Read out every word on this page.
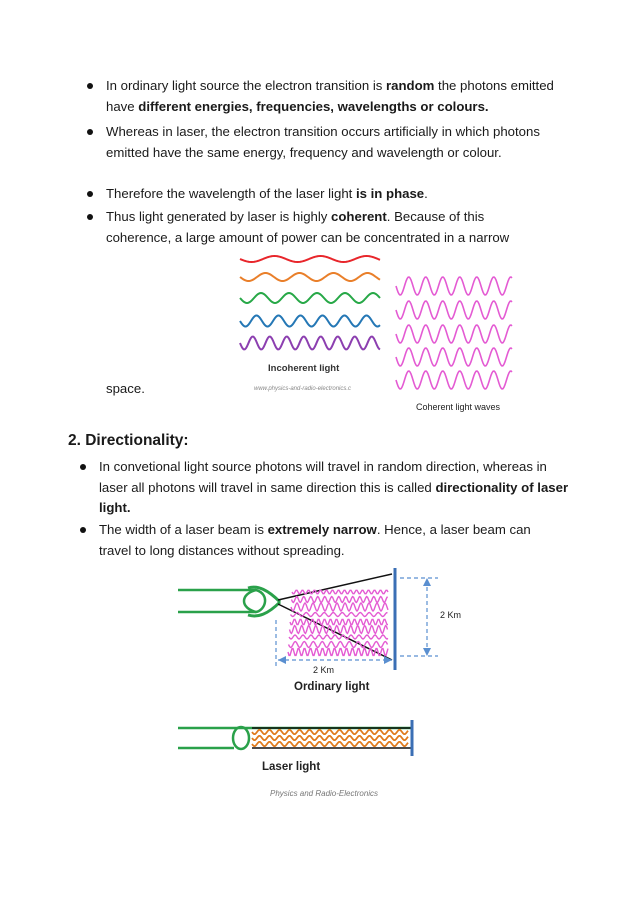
In ordinary light source the electron transition is random the photons emitted have different energies, frequencies, wavelengths or colours.
Whereas in laser, the electron transition occurs artificially in which photons emitted have the same energy, frequency and wavelength or colour.
Therefore the wavelength of the laser light is in phase.
Thus light generated by laser is highly coherent. Because of this coherence, a large amount of power can be concentrated in a narrow
Incoherent light
www.physics-and-radio-electronics.c
Coherent light waves
space.
2. Directionality:
In convetional light source photons will travel in random direction, whereas in laser all photons will travel in same direction this is called directionality of laser light.
The width of a laser beam is extremely narrow. Hence, a laser beam can travel to long distances without spreading.
2 Km
2 Km
Ordinary light
Laser light
Physics and Radio-Electronics
